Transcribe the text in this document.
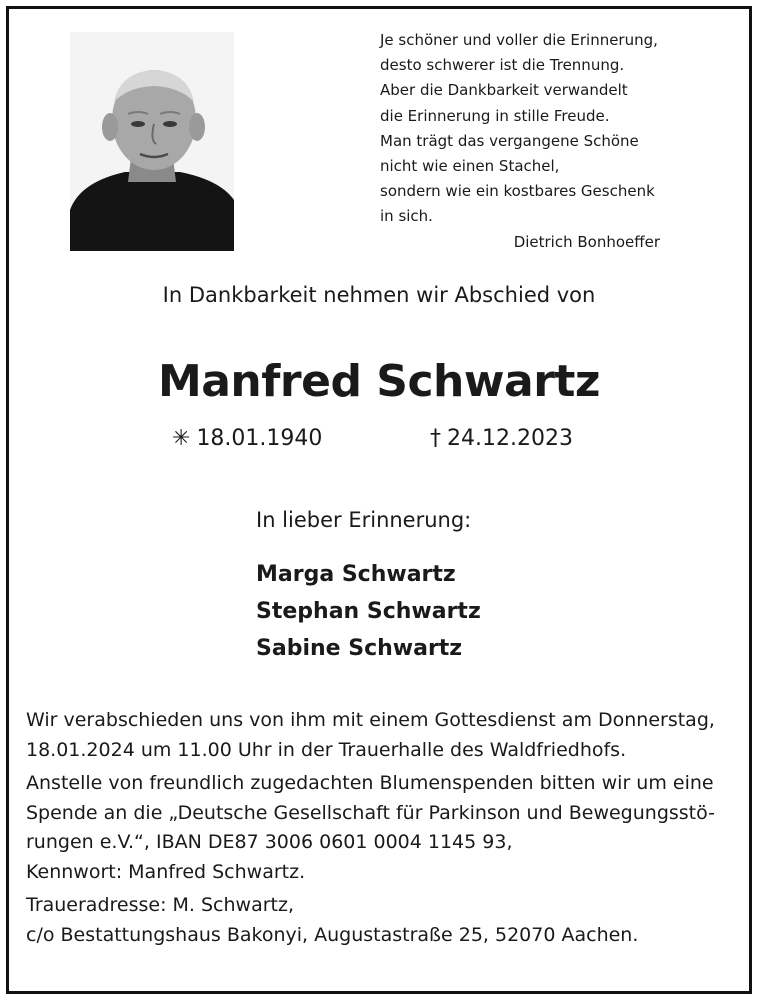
Je schöner und voller die Erinnerung,
desto schwerer ist die Trennung.
Aber die Dankbarkeit verwandelt
die Erinnerung in stille Freude.
Man trägt das vergangene Schöne
nicht wie einen Stachel,
sondern wie ein kostbares Geschenk
in sich.
Dietrich Bonhoeffer
In Dankbarkeit nehmen wir Abschied von
Manfred Schwartz
✳ 18.01.1940	† 24.12.2023
In lieber Erinnerung:
Marga Schwartz
Stephan Schwartz
Sabine Schwartz
Wir verabschieden uns von ihm mit einem Gottesdienst am Donnerstag,
18.01.2024 um 11.00 Uhr in der Trauerhalle des Waldfriedhofs.
Anstelle von freundlich zugedachten Blumenspenden bitten wir um eine
Spende an die „Deutsche Gesellschaft für Parkinson und Bewegungsstö-
rungen e.V.“, IBAN DE87 3006 0601 0004 1145 93,
Kennwort: Manfred Schwartz.
Traueradresse: M. Schwartz,
c/o Bestattungshaus Bakonyi, Augustastraße 25, 52070 Aachen.
